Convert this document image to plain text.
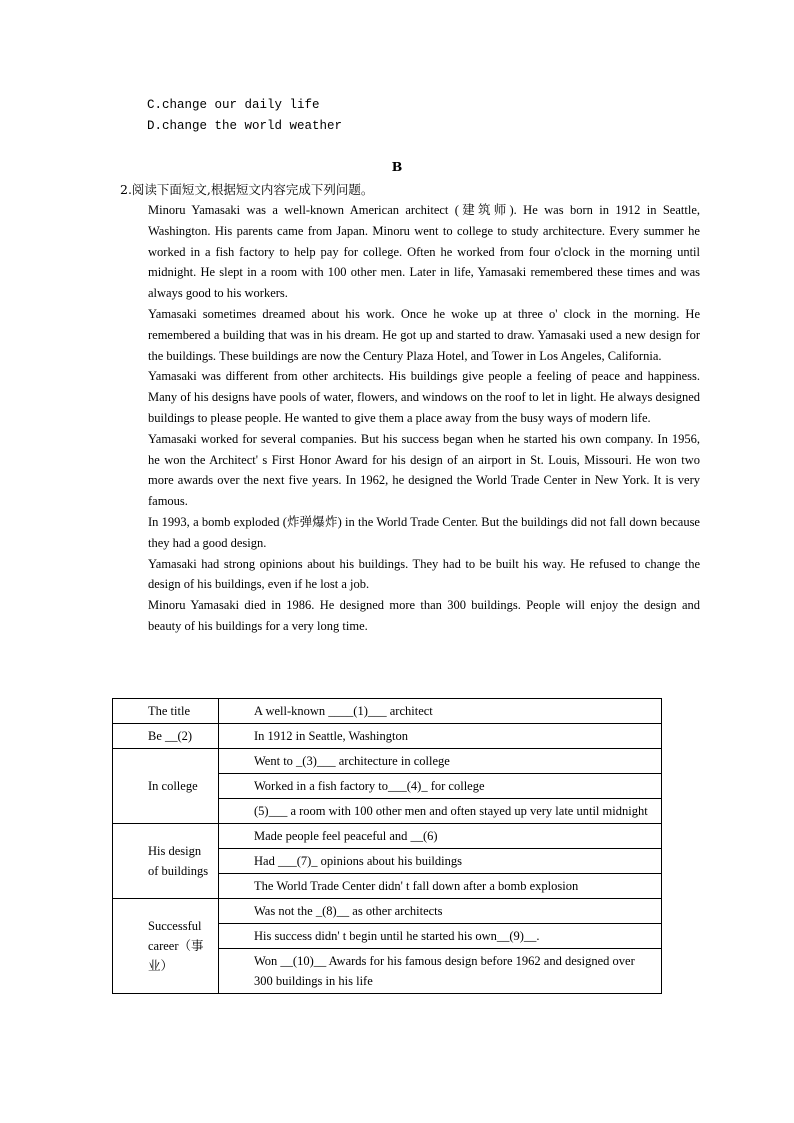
C.change our daily life
D.change the world weather
B
2.阅读下面短文,根据短文内容完成下列问题。

Minoru Yamasaki was a well-known American architect (建筑师). He was born in 1912 in Seattle, Washington. His parents came from Japan. Minoru went to college to study architecture. Every summer he worked in a fish factory to help pay for college. Often he worked from four o'clock in the morning until midnight. He slept in a room with 100 other men. Later in life, Yamasaki remembered these times and was always good to his workers.

Yamasaki sometimes dreamed about his work. Once he woke up at three o' clock in the morning. He remembered a building that was in his dream. He got up and started to draw. Yamasaki used a new design for the buildings. These buildings are now the Century Plaza Hotel, and Tower in Los Angeles, California.

Yamasaki was different from other architects. His buildings give people a feeling of peace and happiness. Many of his designs have pools of water, flowers, and windows on the roof to let in light. He always designed buildings to please people. He wanted to give them a place away from the busy ways of modern life.

Yamasaki worked for several companies. But his success began when he started his own company. In 1956, he won the Architect' s First Honor Award for his design of an airport in St. Louis, Missouri. He won two more awards over the next five years. In 1962, he designed the World Trade Center in New York. It is very famous.

In 1993, a bomb exploded (炸弹爆炸) in the World Trade Center. But the buildings did not fall down because they had a good design.

Yamasaki had strong opinions about his buildings. They had to be built his way. He refused to change the design of his buildings, even if he lost a job.

Minoru Yamasaki died in 1986. He designed more than 300 buildings. People will enjoy the design and beauty of his buildings for a very long time.

The title	A well-known ____(1)___ architect
Be __(2)	In 1912 in Seattle, Washington
In college	Went to _(3)___ architecture in college
	Worked in a fish factory to___(4)_ for college
	(5)___ a room with 100 other men and often stayed up very late until midnight
His design of buildings	Made people feel peaceful and __(6)
	Had ___(7)_ opinions about his buildings
	The World Trade Center didn' t fall down after a bomb explosion
Successful career（事业）	Was not the _(8)__ as other architects
	His success didn' t begin until he started his own__(9)__.
	Won __(10)__ Awards for his famous design before 1962 and designed over 300 buildings in his life
